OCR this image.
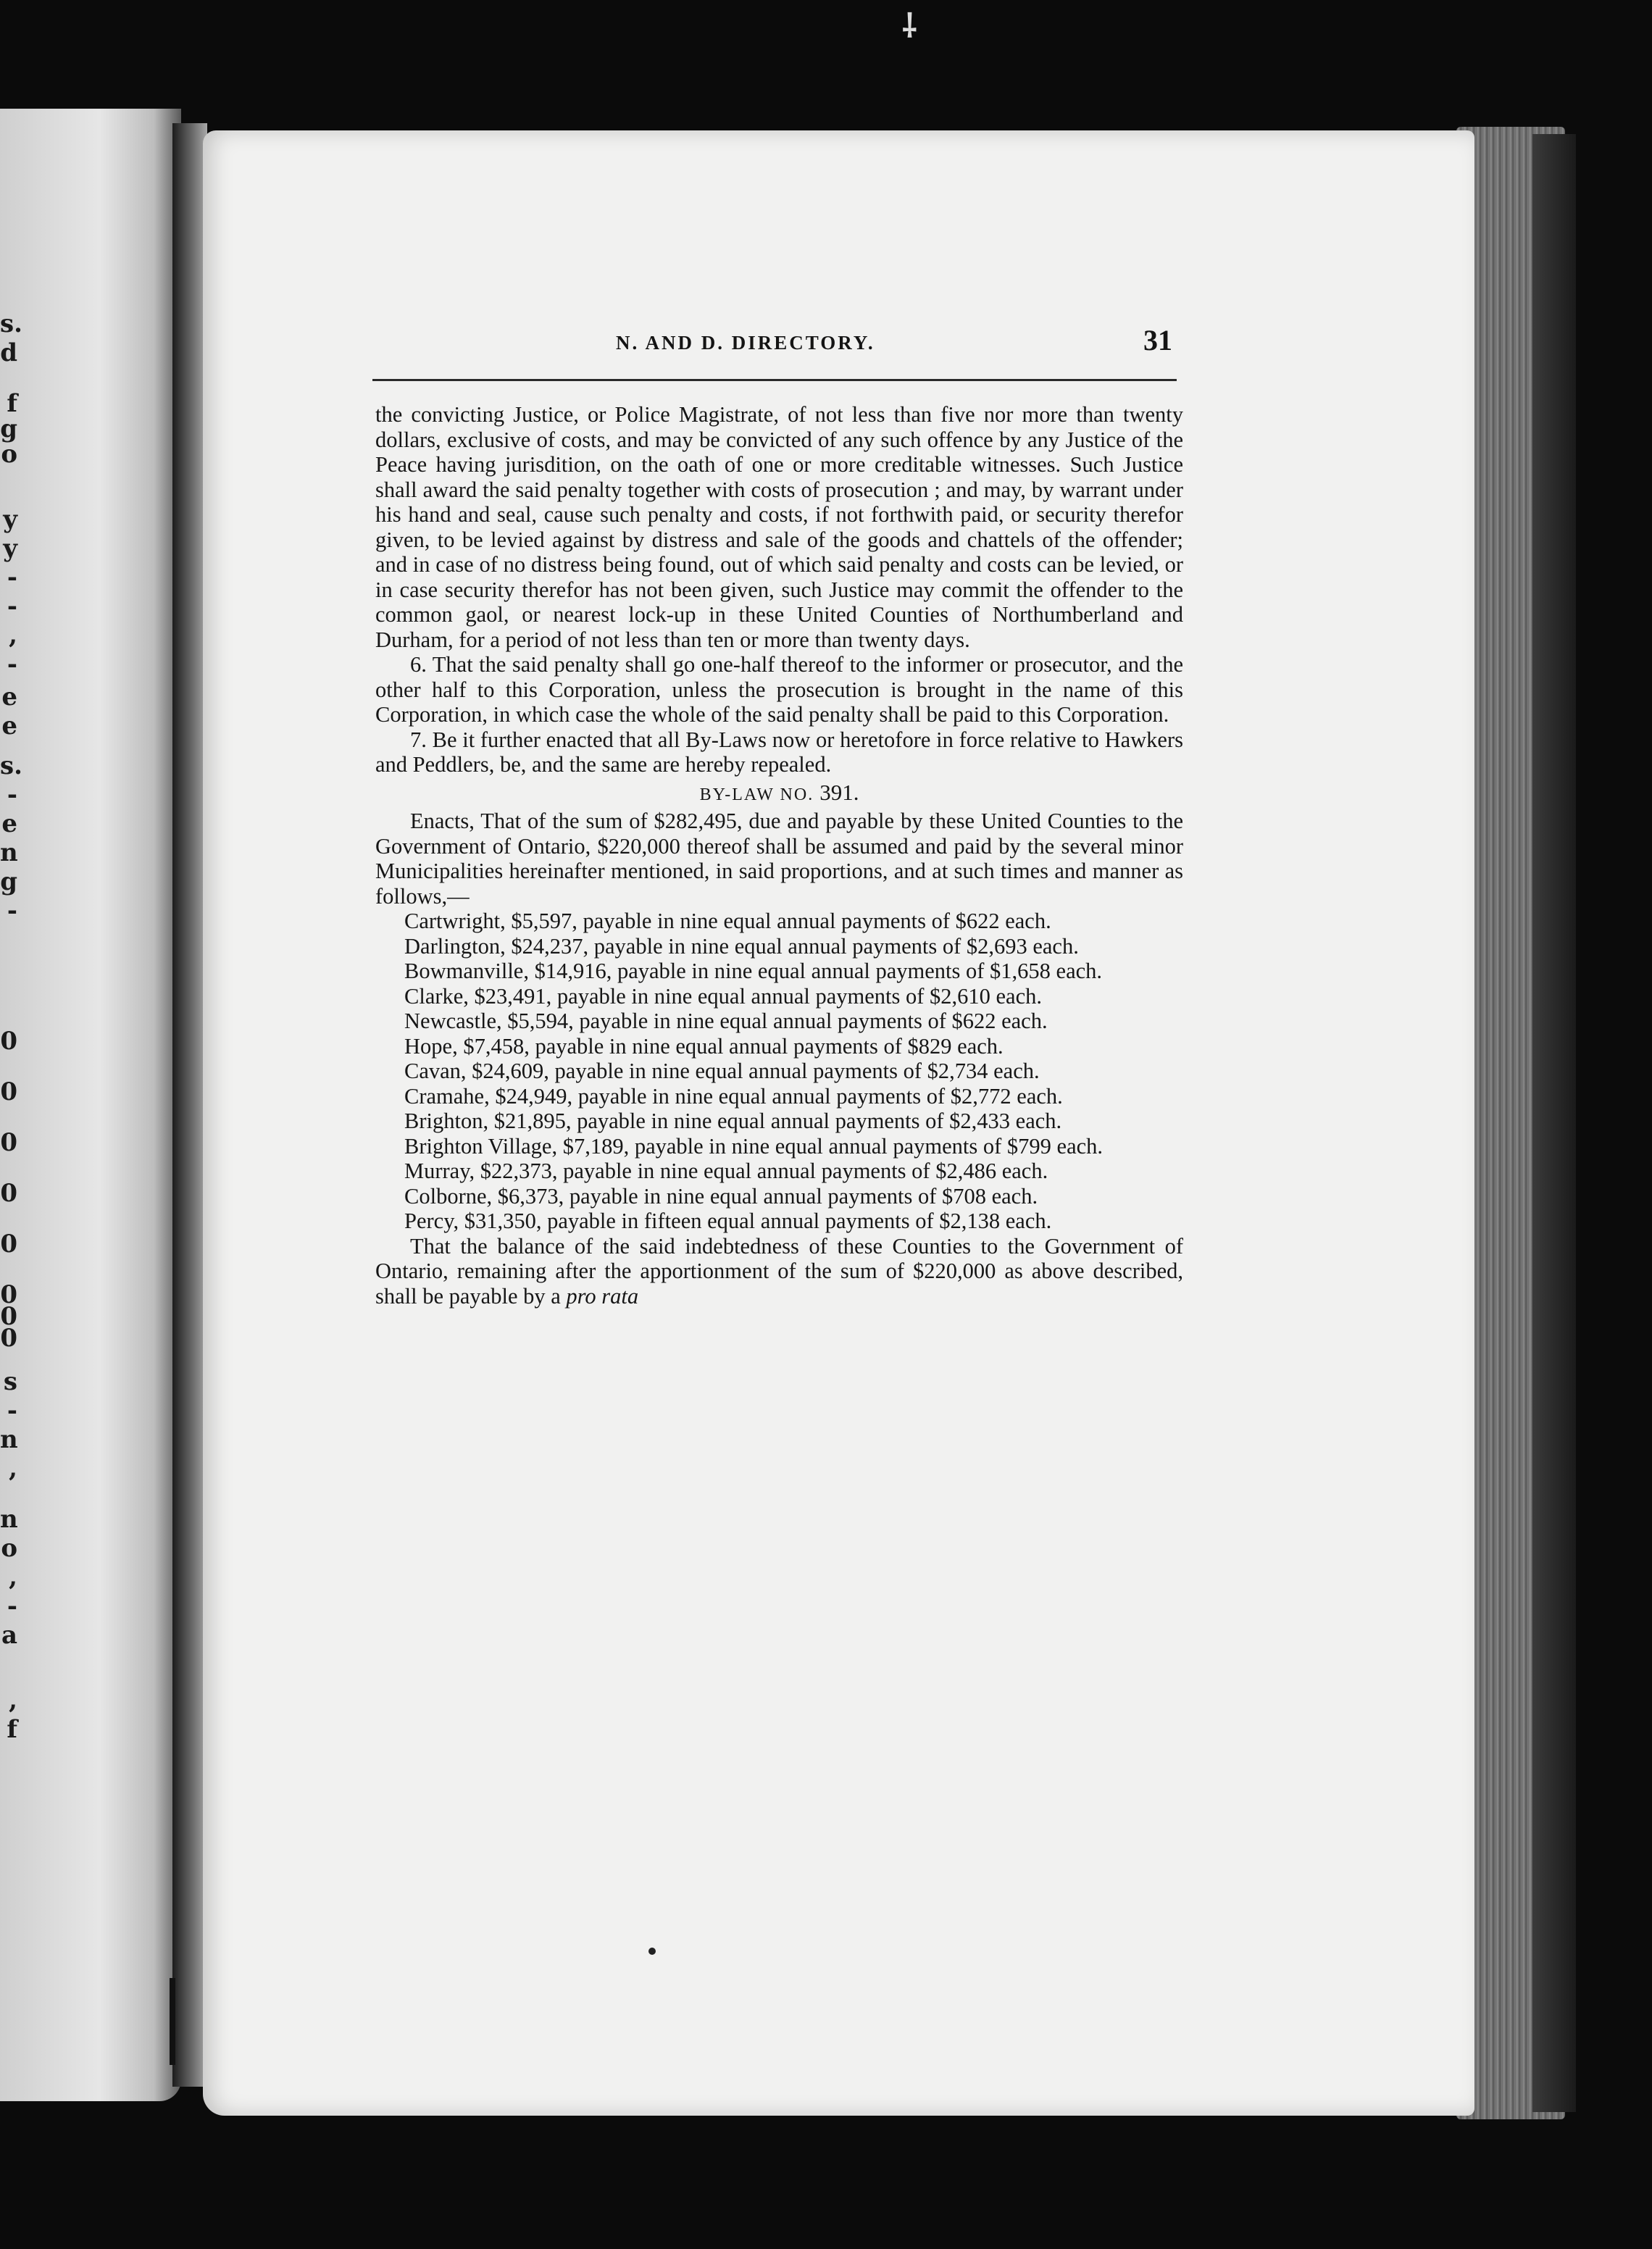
⸸
s.
d
f
g
o
y
y
-
-
,
-
e
e
s.
-
e
n
g
-
0
0
0
0
0
0
0
0
s
-
n
,
n
o
,
-
a
,
f
N. AND D. DIRECTORY.	31

the convicting Justice, or Police Magistrate, of not less than five nor more than twenty dollars, exclusive of costs, and may be convicted of any such offence by any Justice of the Peace having jurisdition, on the oath of one or more creditable witnesses. Such Justice shall award the said penalty together with costs of prosecution ; and may, by warrant under his hand and seal, cause such penalty and costs, if not forthwith paid, or security therefor given, to be levied against by distress and sale of the goods and chattels of the offender; and in case of no distress being found, out of which said penalty and costs can be levied, or in case security therefor has not been given, such Justice may commit the offender to the common gaol, or nearest lock-up in these United Counties of Northumberland and Durham, for a period of not less than ten or more than twenty days.

6. That the said penalty shall go one-half thereof to the informer or prosecutor, and the other half to this Corporation, unless the prosecution is brought in the name of this Corporation, in which case the whole of the said penalty shall be paid to this Corporation.

7. Be it further enacted that all By-Laws now or heretofore in force relative to Hawkers and Peddlers, be, and the same are hereby repealed.

BY-LAW NO. 391.

Enacts, That of the sum of $282,495, due and payable by these United Counties to the Government of Ontario, $220,000 thereof shall be assumed and paid by the several minor Municipalities hereinafter mentioned, in said proportions, and at such times and manner as follows,—

Cartwright, $5,597, payable in nine equal annual payments of $622 each.

Darlington, $24,237, payable in nine equal annual payments of $2,693 each.

Bowmanville, $14,916, payable in nine equal annual payments of $1,658 each.

Clarke, $23,491, payable in nine equal annual payments of $2,610 each.

Newcastle, $5,594, payable in nine equal annual payments of $622 each.

Hope, $7,458, payable in nine equal annual payments of $829 each.

Cavan, $24,609, payable in nine equal annual payments of $2,734 each.

Cramahe, $24,949, payable in nine equal annual payments of $2,772 each.

Brighton, $21,895, payable in nine equal annual payments of $2,433 each.

Brighton Village, $7,189, payable in nine equal annual payments of $799 each.

Murray, $22,373, payable in nine equal annual payments of $2,486 each.

Colborne, $6,373, payable in nine equal annual payments of $708 each.

Percy, $31,350, payable in fifteen equal annual payments of $2,138 each.

That the balance of the said indebtedness of these Counties to the Government of Ontario, remaining after the apportionment of the sum of $220,000 as above described, shall be payable by a pro rata
